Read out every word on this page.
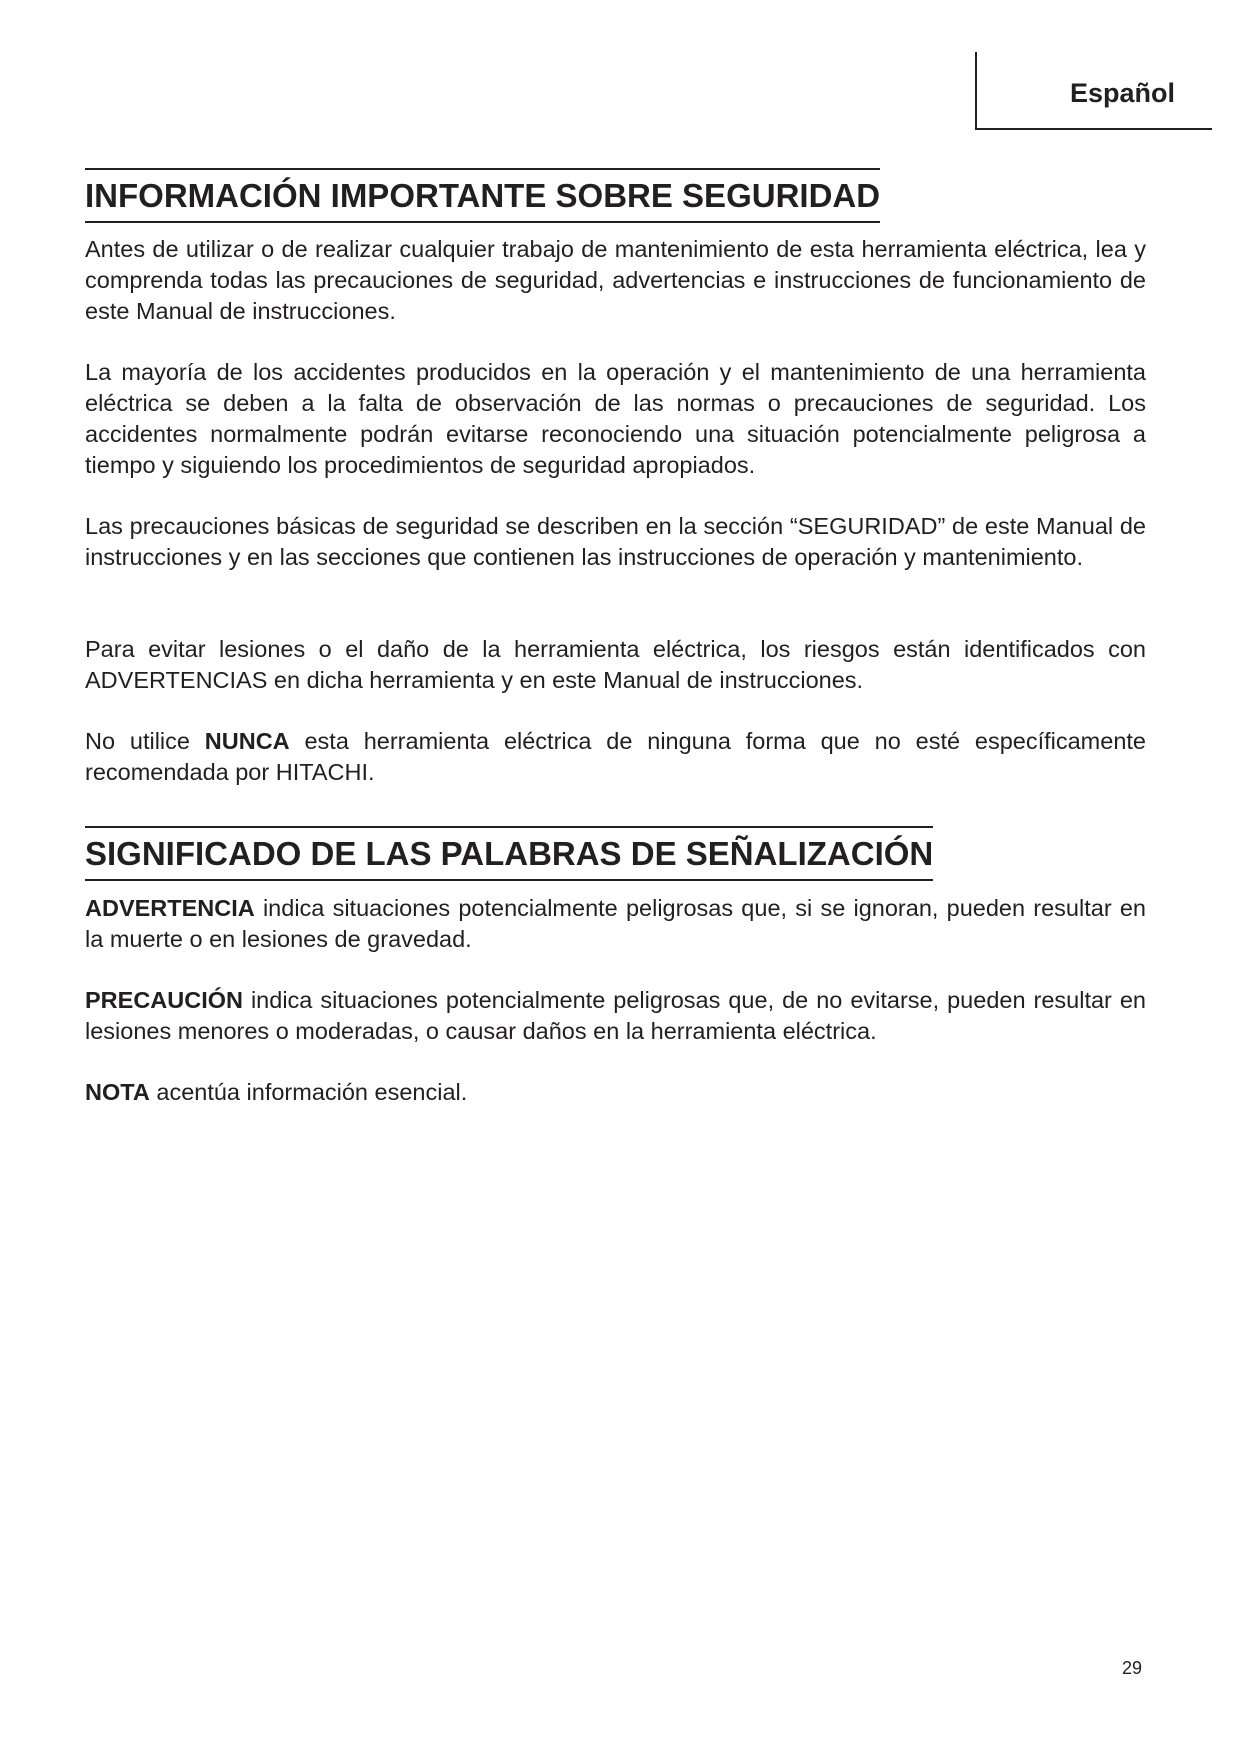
Español
INFORMACIÓN IMPORTANTE SOBRE SEGURIDAD

Antes de utilizar o de realizar cualquier trabajo de mantenimiento de esta herramienta eléctrica, lea y comprenda todas las precauciones de seguridad, advertencias e instrucciones de funcionamiento de este Manual de instrucciones.

La mayoría de los accidentes producidos en la operación y el mantenimiento de una herramienta eléctrica se deben a la falta de observación de las normas o precauciones de seguridad. Los accidentes normalmente podrán evitarse reconociendo una situación potencialmente peligrosa a tiempo y siguiendo los procedimientos de seguridad apropiados.

Las precauciones básicas de seguridad se describen en la sección “SEGURIDAD” de este Manual de instrucciones y en las secciones que contienen las instrucciones de operación y mantenimiento.

Para evitar lesiones o el daño de la herramienta eléctrica, los riesgos están identificados con ADVERTENCIAS en dicha herramienta y en este Manual de instrucciones.

No utilice NUNCA esta herramienta eléctrica de ninguna forma que no esté específicamente recomendada por HITACHI.

SIGNIFICADO DE LAS PALABRAS DE SEÑALIZACIÓN

ADVERTENCIA indica situaciones potencialmente peligrosas que, si se ignoran, pueden resultar en la muerte o en lesiones de gravedad.

PRECAUCIÓN indica situaciones potencialmente peligrosas que, de no evitarse, pueden resultar en lesiones menores o moderadas, o causar daños en la herramienta eléctrica.

NOTA acentúa información esencial.

29
